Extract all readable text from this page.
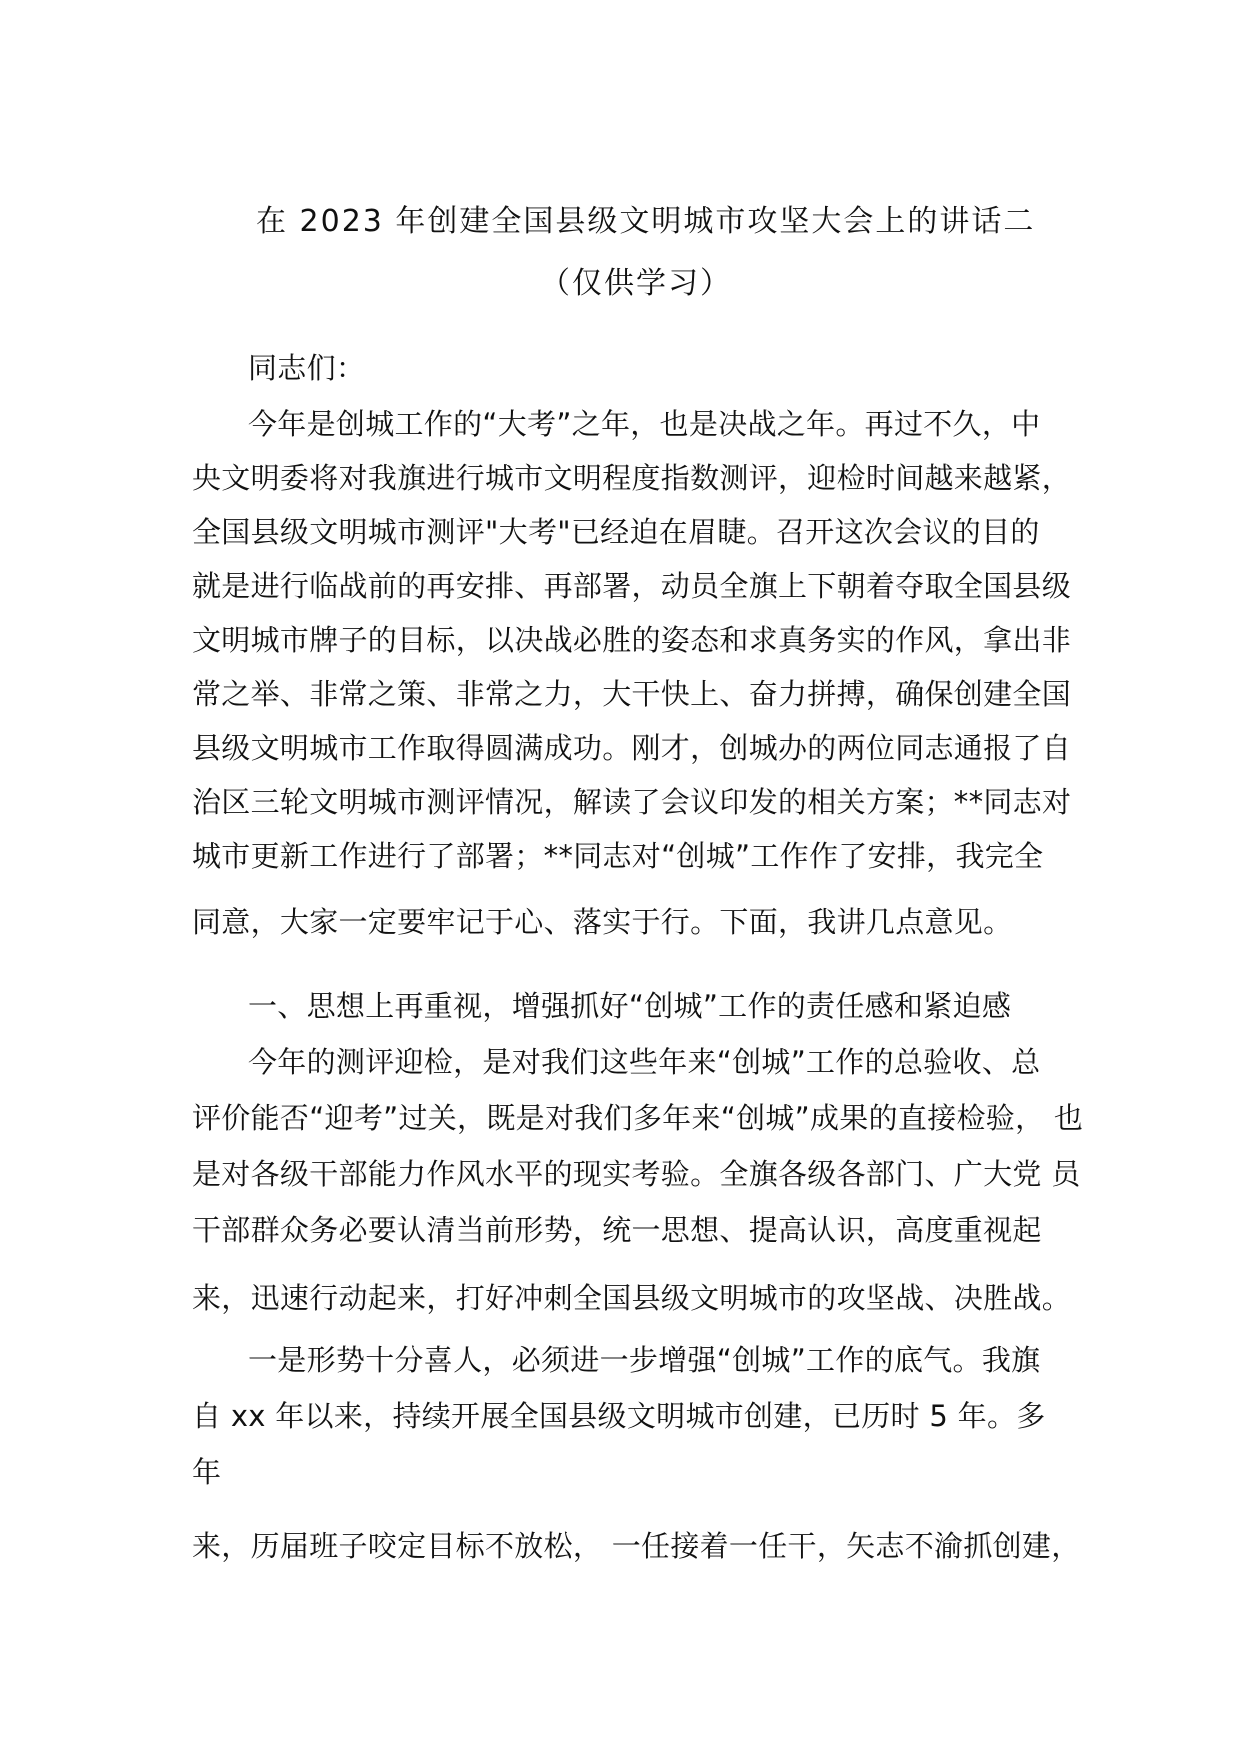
在 2023 年创建全国县级文明城市攻坚大会上的讲话二
（仅供学习）
同志们：
今年是创城工作的“大考”之年，也是决战之年。再过不久，中
央文明委将对我旗进行城市文明程度指数测评，迎检时间越来越紧，
全国县级文明城市测评"大考"已经迫在眉睫。召开这次会议的目的
就是进行临战前的再安排、再部署，动员全旗上下朝着夺取全国县级
文明城市牌子的目标，以决战必胜的姿态和求真务实的作风，拿出非
常之举、非常之策、非常之力，大干快上、奋力拼搏，确保创建全国
县级文明城市工作取得圆满成功。刚才，创城办的两位同志通报了自
治区三轮文明城市测评情况，解读了会议印发的相关方案；**同志对
城市更新工作进行了部署；**同志对“创城”工作作了安排，我完全
同意，大家一定要牢记于心、落实于行。下面，我讲几点意见。
一、思想上再重视，增强抓好“创城”工作的责任感和紧迫感
今年的测评迎检，是对我们这些年来“创城”工作的总验收、总
评价能否“迎考”过关，既是对我们多年来“创城”成果的直接检验， 也
是对各级干部能力作风水平的现实考验。全旗各级各部门、广大党 员
干部群众务必要认清当前形势，统一思想、提高认识，高度重视起
来，迅速行动起来，打好冲刺全国县级文明城市的攻坚战、决胜战。
一是形势十分喜人，必须进一步增强“创城”工作的底气。我旗
自 xx 年以来，持续开展全国县级文明城市创建，已历时 5 年。多
年
来，历届班子咬定目标不放松， 一任接着一任干，矢志不渝抓创建，
